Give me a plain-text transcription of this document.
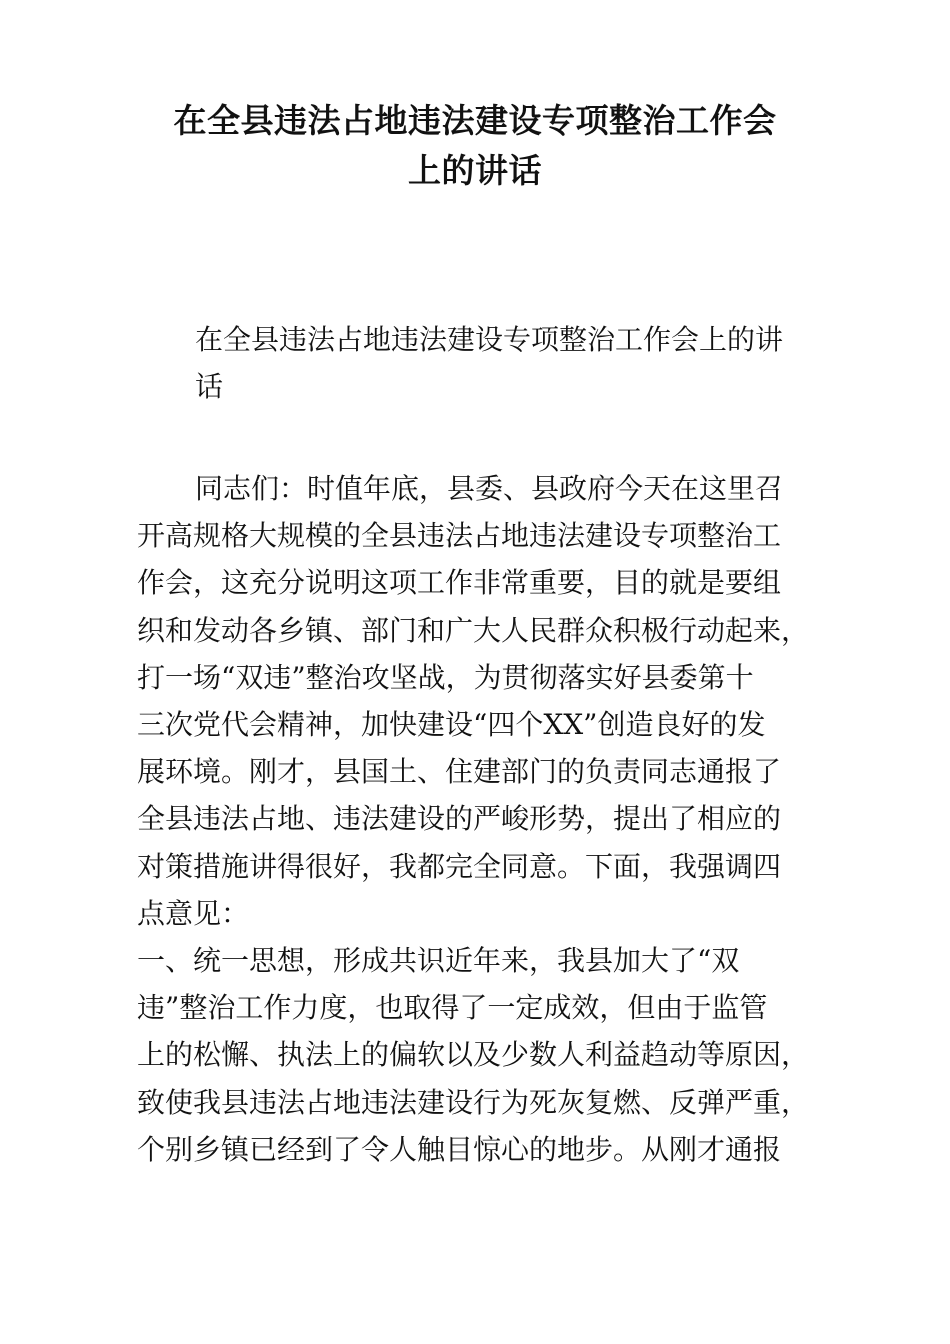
在全县违法占地违法建设专项整治工作会
上的讲话
在全县违法占地违法建设专项整治工作会上的讲
话
同志们：时值年底，县委、县政府今天在这里召
开高规格大规模的全县违法占地违法建设专项整治工
作会，这充分说明这项工作非常重要，目的就是要组
织和发动各乡镇、部门和广大人民群众积极行动起来，
打一场“双违”整治攻坚战，为贯彻落实好县委第十
三次党代会精神，加快建设“四个XX”创造良好的发
展环境。刚才，县国土、住建部门的负责同志通报了
全县违法占地、违法建设的严峻形势，提出了相应的
对策措施讲得很好，我都完全同意。下面，我强调四
点意见：
一、统一思想，形成共识近年来，我县加大了“双
违”整治工作力度，也取得了一定成效，但由于监管
上的松懈、执法上的偏软以及少数人利益趋动等原因，
致使我县违法占地违法建设行为死灰复燃、反弹严重，
个别乡镇已经到了令人触目惊心的地步。从刚才通报
